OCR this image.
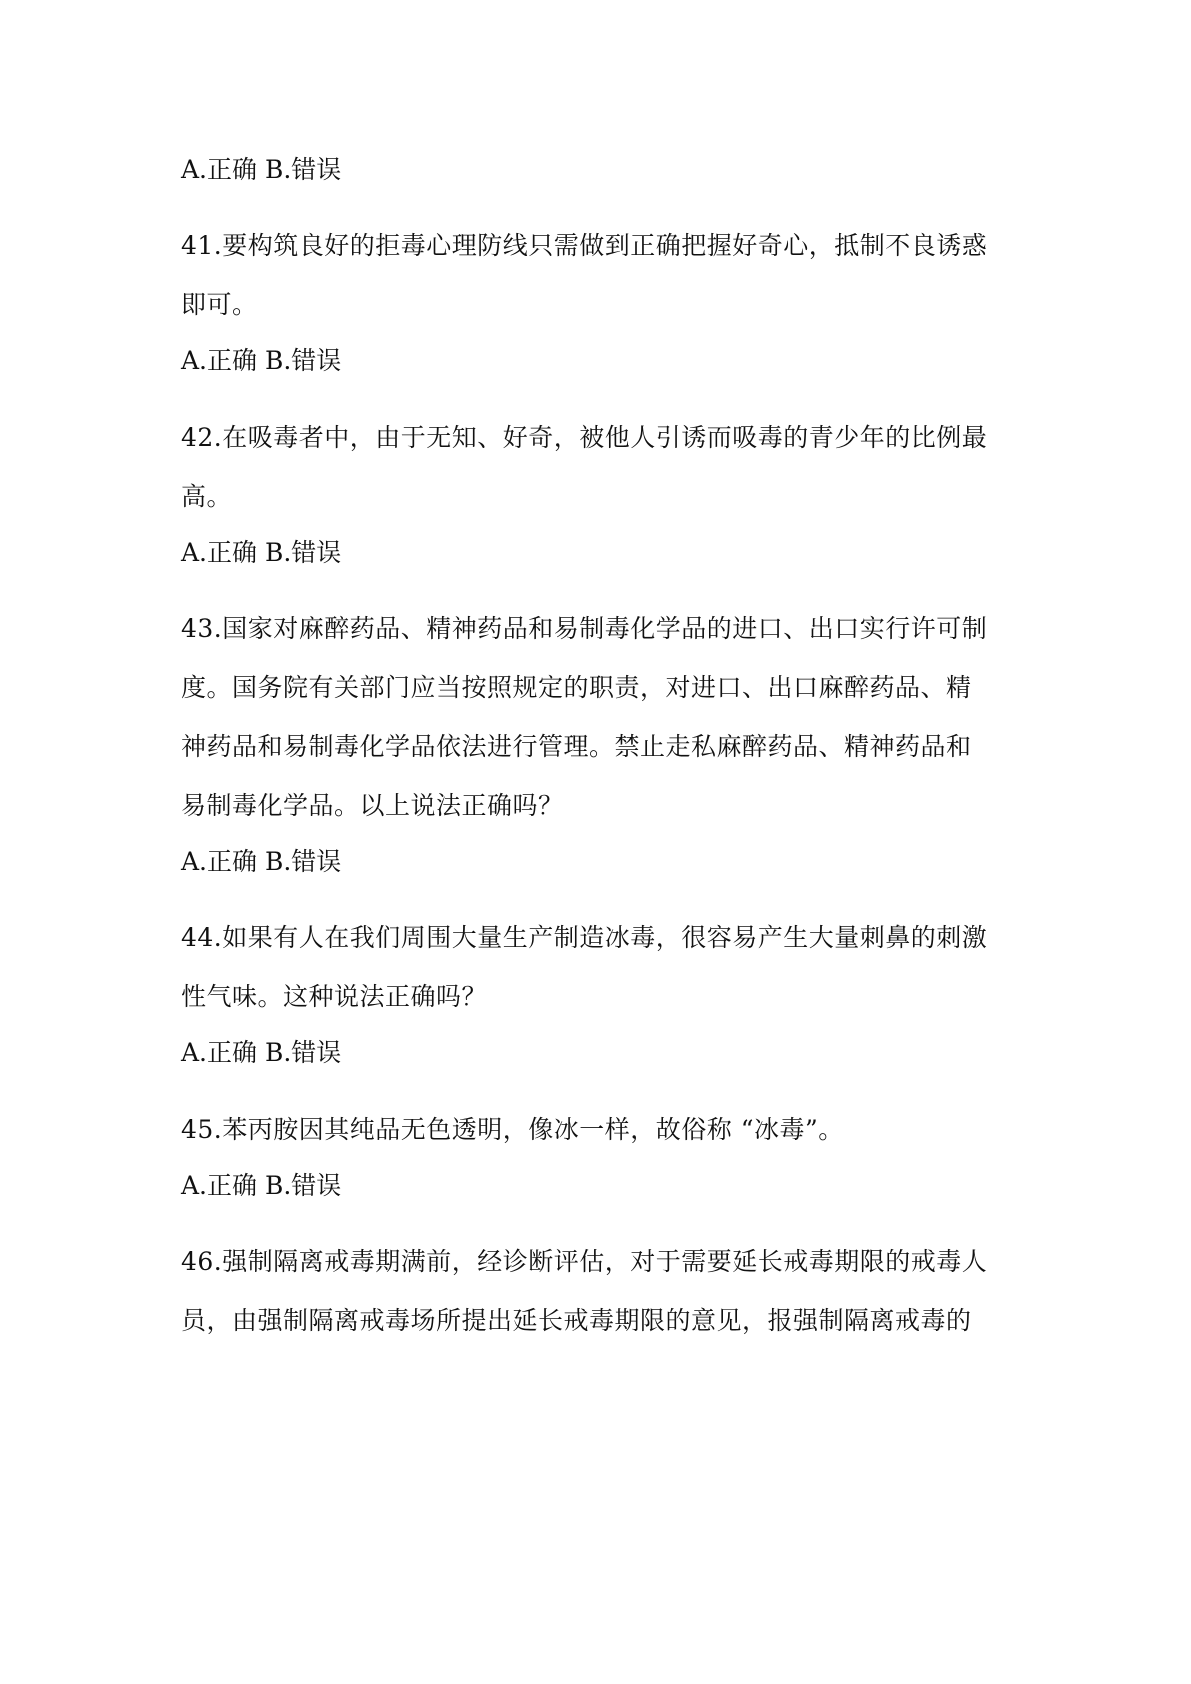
A.正确 B.错误
41.要构筑良好的拒毒心理防线只需做到正确把握好奇心，抵制不良诱惑
即可。
A.正确 B.错误
42.在吸毒者中，由于无知、好奇，被他人引诱而吸毒的青少年的比例最
高。
A.正确 B.错误
43.国家对麻醉药品、精神药品和易制毒化学品的进口、出口实行许可制
度。国务院有关部门应当按照规定的职责，对进口、出口麻醉药品、精
神药品和易制毒化学品依法进行管理。禁止走私麻醉药品、精神药品和
易制毒化学品。以上说法正确吗？
A.正确 B.错误
44.如果有人在我们周围大量生产制造冰毒，很容易产生大量刺鼻的刺激
性气味。这种说法正确吗？
A.正确 B.错误
45.苯丙胺因其纯品无色透明，像冰一样，故俗称 “冰毒”。
A.正确 B.错误
46.强制隔离戒毒期满前，经诊断评估，对于需要延长戒毒期限的戒毒人
员，由强制隔离戒毒场所提出延长戒毒期限的意见，报强制隔离戒毒的
